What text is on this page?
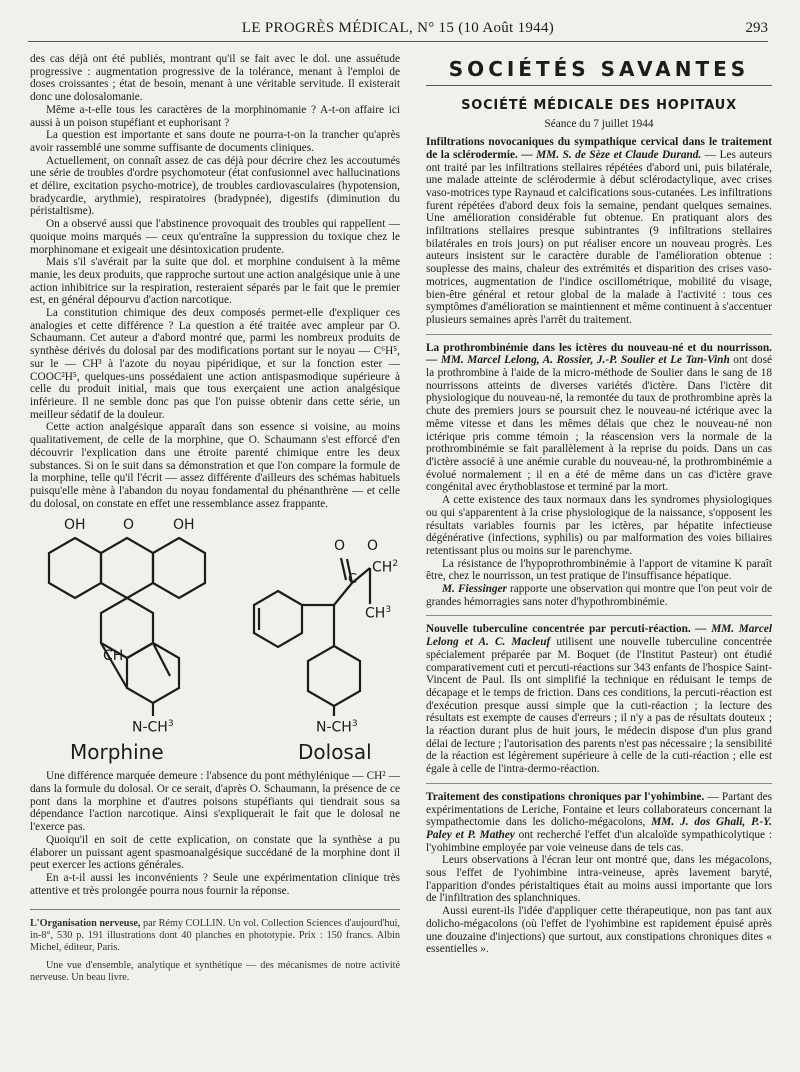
LE PROGRÈS MÉDICAL, N° 15 (10 Août 1944)	293

des cas déjà ont été publiés, montrant qu'il se fait avec le dol. une assuétude progressive : augmentation progressive de la tolérance, menant à l'emploi de doses croissantes ; état de besoin, menant à une véritable servitude. Il existerait donc une dolosalomanie.

Même a-t-elle tous les caractères de la morphinomanie ? A-t-on affaire ici aussi à un poison stupéfiant et euphorisant ?

La question est importante et sans doute ne pourra-t-on la trancher qu'après avoir rassemblé une somme suffisante de documents cliniques.

Actuellement, on connaît assez de cas déjà pour décrire chez les accoutumés une série de troubles d'ordre psychomoteur (état confusionnel avec hallucinations et délire, excitation psycho-motrice), de troubles cardiovasculaires (hypotension, bradycardie, arythmie), respiratoires (bradypnée), digestifs (diminution du péristaltisme).

On a observé aussi que l'abstinence provoquait des troubles qui rappellent — quoique moins marqués — ceux qu'entraîne la suppression du toxique chez le morphinomane et exigeait une désintoxication prudente.

Mais s'il s'avérait par la suite que dol. et morphine conduisent à la même manie, les deux produits, que rapproche surtout une action analgésique unie à une action inhibitrice sur la respiration, resteraient séparés par le fait que le premier est, en général dépourvu d'action narcotique.

La constitution chimique des deux composés permet-elle d'expliquer ces analogies et cette différence ? La question a été traitée avec ampleur par O. Schaumann. Cet auteur a d'abord montré que, parmi les nombreux produits de synthèse dérivés du dolosal par des modifications portant sur le noyau — C⁶H⁵, sur le — CH³ à l'azote du noyau pipéridique, et sur la fonction ester — COOC²H⁵, quelques-uns possédaient une action antispasmodique supérieure à celle du produit initial, mais que tous exerçaient une action analgésique inférieure. Il ne semble donc pas que l'on puisse obtenir dans cette série, un meilleur sédatif de la douleur.

Cette action analgésique apparaît dans son essence si voisine, au moins qualitativement, de celle de la morphine, que O. Schaumann s'est efforcé d'en découvrir l'explication dans une étroite parenté chimique entre les deux substances. Si on le suit dans sa démonstration et que l'on compare la formule de la morphine, telle qu'il l'écrit — assez différente d'ailleurs des schémas habituels puisqu'elle mène à l'abandon du noyau fondamental du phénanthrène — et celle du dolosal, on constate en effet une ressemblance assez frappante.

OH	O	OH
CH
$N-CH^3$
O O
C
$CH^2$
$CH^3$
$N-CH^3$
Morphine	Dolosal

Une différence marquée demeure : l'absence du pont méthylénique — CH² — dans la formule du dolosal. Or ce serait, d'après O. Schaumann, la présence de ce pont dans la morphine et d'autres poisons stupéfiants qui tiendrait sous sa dépendance l'action narcotique. Ainsi s'expliquerait le fait que le dolosal ne l'exerce pas.

Quoiqu'il en soit de cette explication, on constate que la synthèse a pu élaborer un puissant agent spasmoanalgésique succédané de la morphine dont il peut exercer les actions générales.

En a-t-il aussi les inconvénients ? Seule une expérimentation clinique très attentive et très prolongée pourra nous fournir la réponse.

L'Organisation nerveuse, par Rémy COLLIN. Un vol. Collection Sciences d'aujourd'hui, in-8°, 530 p. 191 illustrations dont 40 planches en phototypie. Prix : 150 francs. Albin Michel, éditeur, Paris.

Une vue d'ensemble, analytique et synthétique — des mécanismes de notre activité nerveuse. Un beau livre.

SOCIÉTÉS SAVANTES
SOCIÉTÉ MÉDICALE DES HOPITAUX
Séance du 7 juillet 1944

Infiltrations novocaniques du sympathique cervical dans le traitement de la sclérodermie. — MM. S. de Sèze et Claude Durand. — Les auteurs ont traité par les infiltrations stellaires répétées d'abord uni, puis bilatérale, une malade atteinte de sclérodermie à début sclérodactylique, avec crises vaso-motrices type Raynaud et calcifications sous-cutanées. Les infiltrations furent répétées d'abord deux fois la semaine, pendant quelques semaines. Une amélioration considérable fut obtenue. En pratiquant alors des infiltrations stellaires presque subintrantes (9 infiltrations stellaires bilatérales en trois jours) on put réaliser encore un nouveau progrès. Les auteurs insistent sur le caractère durable de l'amélioration obtenue : souplesse des mains, chaleur des extrémités et disparition des crises vaso-motrices, augmentation de l'indice oscillométrique, mobilité du visage, bien-être général et retour global de la malade à l'activité : tous ces symptômes d'amélioration se maintiennent et même continuent à s'accentuer plusieurs semaines après l'arrêt du traitement.

La prothrombinémie dans les ictères du nouveau-né et du nourrisson. — MM. Marcel Lelong, A. Rossier, J.-P. Soulier et Le Tan-Vinh ont dosé la prothrombine à l'aide de la micro-méthode de Soulier dans le sang de 18 nourrissons atteints de diverses variétés d'ictère. Dans l'ictère dit physiologique du nouveau-né, la remontée du taux de prothrombine après la chute des premiers jours se poursuit chez le nouveau-né ictérique avec la même vitesse et dans les mêmes délais que chez le nouveau-né non ictérique pris comme témoin ; la réascension vers la normale de la prothrombinémie se fait parallèlement à la reprise du poids. Dans un cas d'ictère associé à une anémie curable du nouveau-né, la prothrombinémie a évolué normalement ; il en a été de même dans un cas d'ictère grave congénital avec érythoblastose et terminé par la mort.

A cette existence des taux normaux dans les syndromes physiologiques ou qui s'apparentent à la crise physiologique de la naissance, s'opposent les résultats variables fournis par les ictères, par hépatite infectieuse dégénérative (infections, syphilis) ou par malformation des voies biliaires retentissant plus ou moins sur le parenchyme.

La résistance de l'hypoprothrombinémie à l'apport de vitamine K paraît être, chez le nourrisson, un test pratique de l'insuffisance hépatique.

M. Fiessinger rapporte une observation qui montre que l'on peut voir de grandes hémorragies sans noter d'hypothrombinémie.

Nouvelle tuberculine concentrée par percuti-réaction. — MM. Marcel Lelong et A. C. Macleuf utilisent une nouvelle tuberculine concentrée spécialement préparée par M. Boquet (de l'Institut Pasteur) ont étudié comparativement cuti et percuti-réactions sur 343 enfants de l'hospice Saint-Vincent de Paul. Ils ont simplifié la technique en réduisant le temps de décapage et le temps de friction. Dans ces conditions, la percuti-réaction est d'exécution presque aussi simple que la cuti-réaction ; la lecture des résultats est exempte de causes d'erreurs ; il n'y a pas de résultats douteux ; la réaction durant plus de huit jours, le médecin dispose d'un plus grand délai de lecture ; l'autorisation des parents n'est pas nécessaire ; la sensibilité de la réaction est légèrement supérieure à celle de la cuti-réaction ; elle est égale à celle de l'intra-dermo-réaction.

Traitement des constipations chroniques par l'yohimbine. — Partant des expérimentations de Leriche, Fontaine et leurs collaborateurs concernant la sympathectomie dans les dolicho-mégacolons, MM. J. dos Ghali, P.-Y. Paley et P. Mathey ont recherché l'effet d'un alcaloïde sympathicolytique : l'yohimbine employée par voie veineuse dans de tels cas.

Leurs observations à l'écran leur ont montré que, dans les mégacolons, sous l'effet de l'yohimbine intra-veineuse, après lavement baryté, l'apparition d'ondes péristaltiques était au moins aussi importante que lors de l'infiltration des splanchniques.

Aussi eurent-ils l'idée d'appliquer cette thérapeutique, non pas tant aux dolicho-mégacolons (où l'effet de l'yohimbine est rapidement épuisé après une douzaine d'injections) que surtout, aux constipations chroniques dites « essentielles ».
